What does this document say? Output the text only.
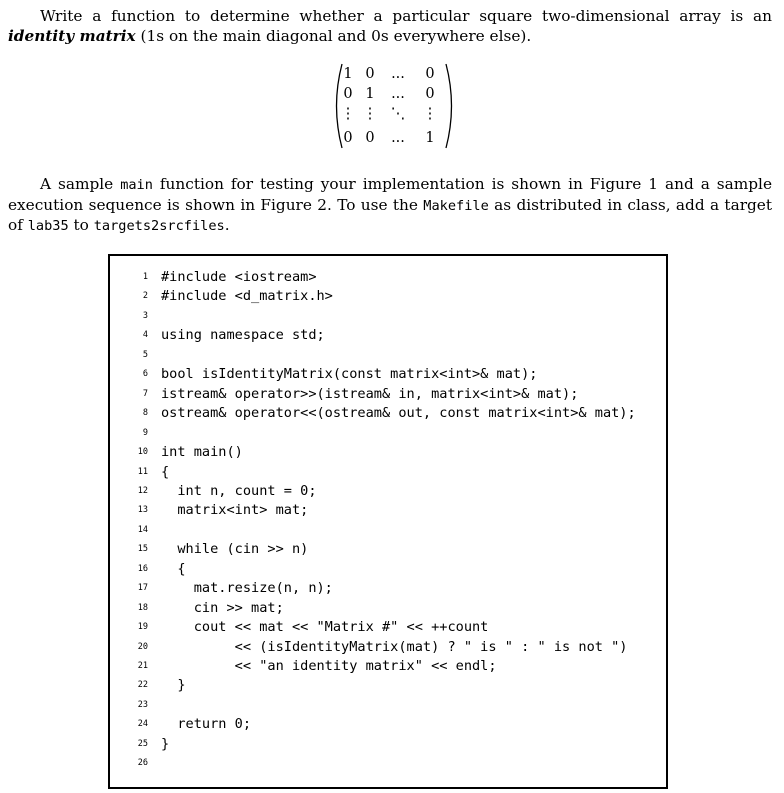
Write a function to determine whether a particular square two-dimensional array is an identity matrix (1s on the main diagonal and 0s everywhere else).
1 0 ... 0
0 1 ... 0
⋮ ⋮ ⋱ ⋮
0 0 ... 1
A sample main function for testing your implementation is shown in Figure 1 and a sample execution sequence is shown in Figure 2. To use the Makefile as distributed in class, add a target of lab35 to targets2srcfiles.
1 #include <iostream>
2 #include <d_matrix.h>
3
4 using namespace std;
5
6 bool isIdentityMatrix(const matrix<int>& mat);
7 istream& operator>>(istream& in, matrix<int>& mat);
8 ostream& operator<<(ostream& out, const matrix<int>& mat);
9
10 int main()
11 {
12 int n, count = 0;
13 matrix<int> mat;
14
15 while (cin >> n)
16 {
17 mat.resize(n, n);
18 cin >> mat;
19 cout << mat << "Matrix #" << ++count
20 << (isIdentityMatrix(mat) ? " is " : " is not ")
21 << "an identity matrix" << endl;
22 }
23
24 return 0;
25 }
26
